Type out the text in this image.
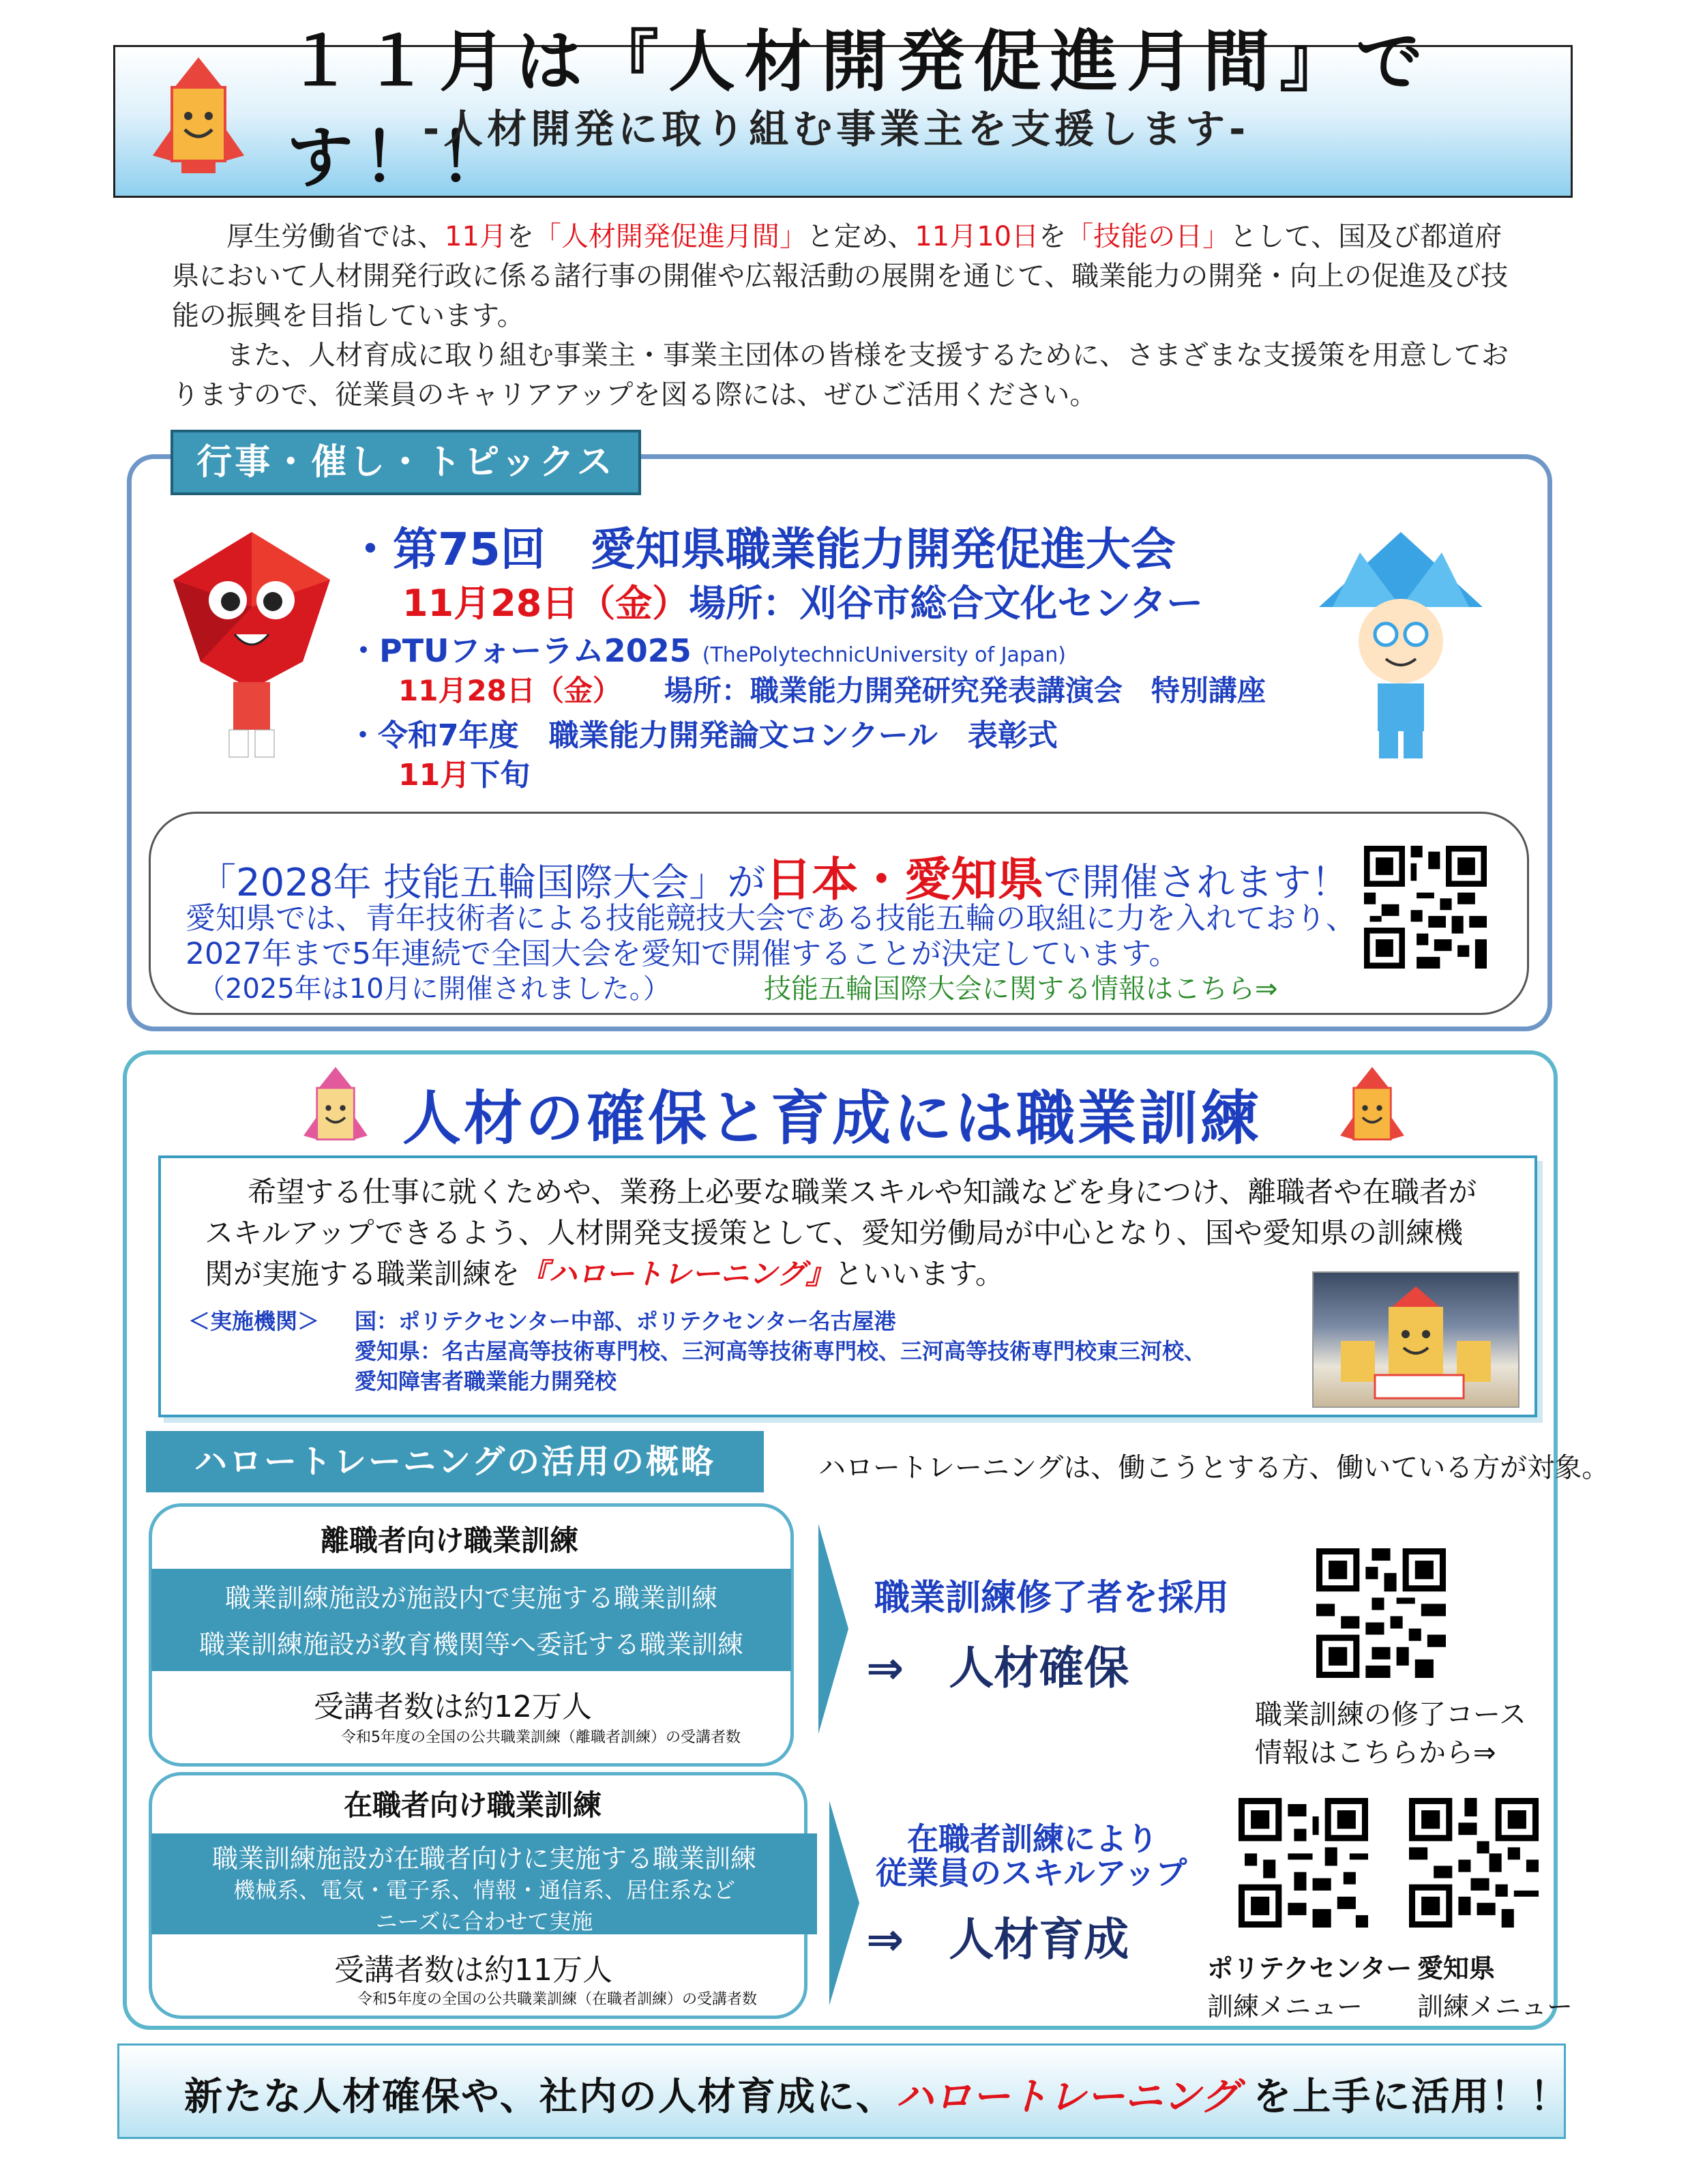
１１月は『人材開発促進月間』です！！
-人材開発に取り組む事業主を支援します-

厚生労働省では、11月を「人材開発促進月間」と定め、11月10日を「技能の日」として、国及び都道府県において人材開発行政に係る諸行事の開催や広報活動の展開を通じて、職業能力の開発・向上の促進及び技能の振興を目指しています。

また、人材育成に取り組む事業主・事業主団体の皆様を支援するために、さまざまな支援策を用意しておりますので、従業員のキャリアアップを図る際には、ぜひご活用ください。

行事・催し・トピックス
・第75回　愛知県職業能力開発促進大会
11月28日（金）場所：刈谷市総合文化センター
・PTUフォーラム2025 (ThePolytechnicUniversity of Japan)
11月28日（金）　　場所：職業能力開発研究発表講演会　特別講座
・令和7年度　職業能力開発論文コンクール　表彰式
11月下旬
「2028年 技能五輪国際大会」が日本・愛知県で開催されます！
愛知県では、青年技術者による技能競技大会である技能五輪の取組に力を入れており、
2027年まで5年連続で全国大会を愛知で開催することが決定しています。
（2025年は10月に開催されました。）	技能五輪国際大会に関する情報はこちら⇒
人材の確保と育成には職業訓練

希望する仕事に就くためや、業務上必要な職業スキルや知識などを身につけ、離職者や在職者がスキルアップできるよう、人材開発支援策として、愛知労働局が中心となり、国や愛知県の訓練機関が実施する職業訓練を『ハロートレーニング』といいます。

＜実施機関＞ 国：ポリテクセンター中部、ポリテクセンター名古屋港
愛知県：名古屋高等技術専門校、三河高等技術専門校、三河高等技術専門校東三河校、
愛知障害者職業能力開発校
ハロートレーニングの活用の概略	ハロートレーニングは、働こうとする方、働いている方が対象。
離職者向け職業訓練
職業訓練施設が施設内で実施する職業訓練
職業訓練施設が教育機関等へ委託する職業訓練
受講者数は約12万人
令和5年度の全国の公共職業訓練（離職者訓練）の受講者数
在職者向け職業訓練
職業訓練施設が在職者向けに実施する職業訓練
機械系、電気・電子系、情報・通信系、居住系など
ニーズに合わせて実施
受講者数は約11万人
令和5年度の全国の公共職業訓練（在職者訓練）の受講者数
職業訓練修了者を採用
⇒　人材確保
在職者訓練により
従業員のスキルアップ
⇒　人材育成
職業訓練の修了コース
情報はこちらから⇒
ポリテクセンター
訓練メニュー
愛知県
訓練メニュー
新たな人材確保や、社内の人材育成に、ハロートレーニング を上手に活用！！
